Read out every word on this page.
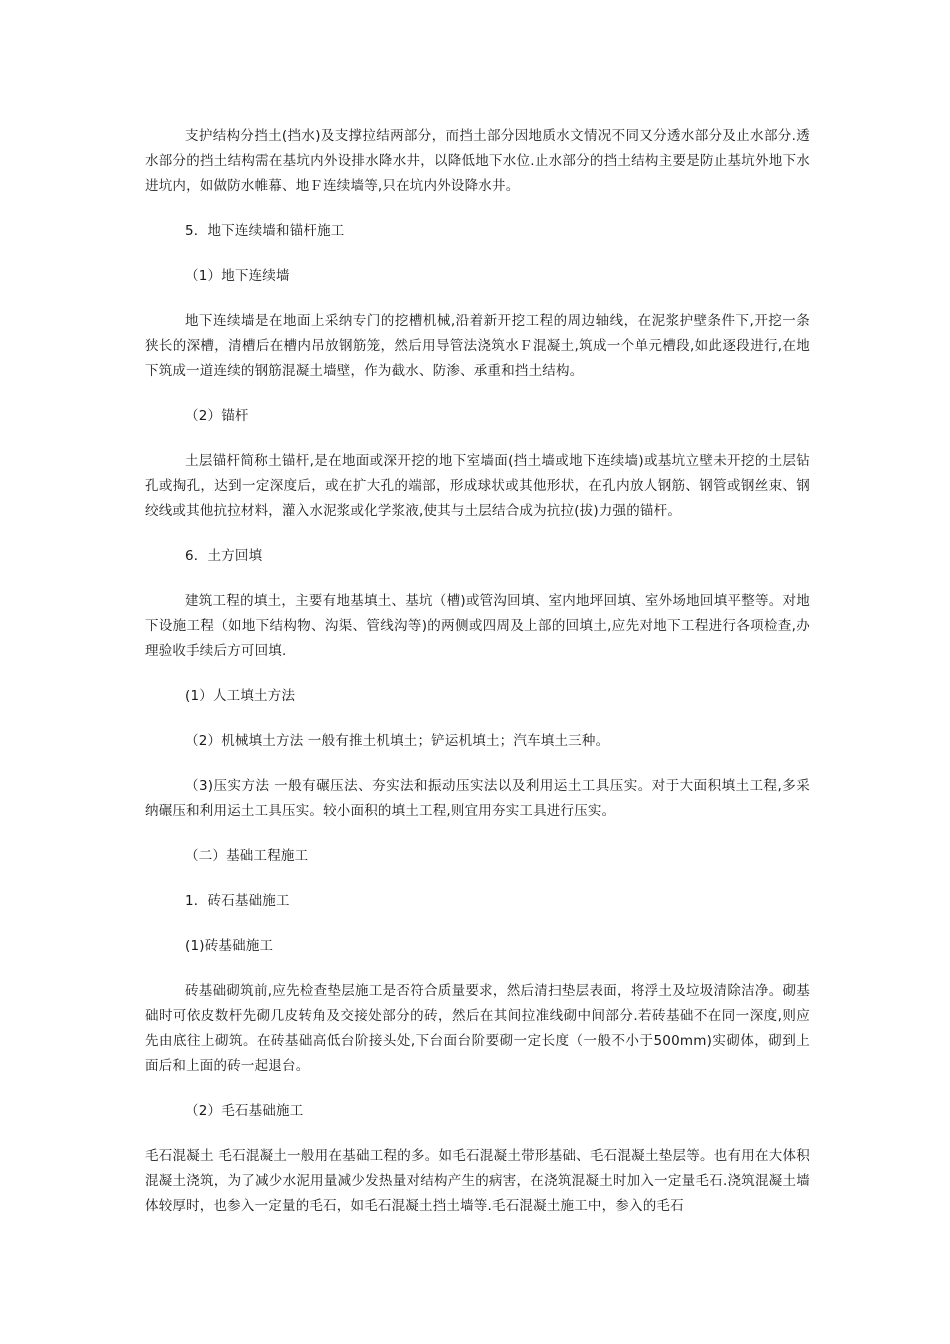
支护结构分挡土(挡水)及支撑拉结两部分，而挡土部分因地质水文情况不同又分透水部分及止水部分.透水部分的挡土结构需在基坑内外设排水降水井，以降低地下水位.止水部分的挡土结构主要是防止基坑外地下水进坑内，如做防水帷幕、地Ｆ连续墙等,只在坑内外设降水井。

5．地下连续墙和锚杆施工

（1）地下连续墙

地下连续墙是在地面上采纳专门的挖槽机械,沿着新开挖工程的周边轴线，在泥浆护壁条件下,开挖一条狭长的深槽，清槽后在槽内吊放钢筋笼，然后用导管法浇筑水Ｆ混凝土,筑成一个单元槽段,如此逐段进行,在地下筑成一道连续的钢筋混凝土墙壁，作为截水、防渗、承重和挡土结构。

（2）锚杆

土层锚杆简称土锚杆,是在地面或深开挖的地下室墙面(挡土墙或地下连续墙)或基坑立壁未开挖的土层钻孔或掏孔，达到一定深度后，或在扩大孔的端部，形成球状或其他形状，在孔内放人钢筋、钢管或钢丝束、钢绞线或其他抗拉材料，灌入水泥浆或化学浆液,使其与土层结合成为抗拉(拔)力强的锚杆。

6．土方回填

建筑工程的填土，主要有地基填土、基坑（槽)或管沟回填、室内地坪回填、室外场地回填平整等。对地下设施工程（如地下结构物、沟渠、管线沟等)的两侧或四周及上部的回填土,应先对地下工程进行各项检查,办理验收手续后方可回填.

(1）人工填土方法

（2）机械填土方法 一般有推土机填土；铲运机填土；汽车填土三种。

（3)压实方法 一般有碾压法、夯实法和振动压实法以及利用运土工具压实。对于大面积填土工程,多采纳碾压和利用运土工具压实。较小面积的填土工程,则宜用夯实工具进行压实。

（二）基础工程施工

1．砖石基础施工

(1)砖基础施工

砖基础砌筑前,应先检查垫层施工是否符合质量要求，然后清扫垫层表面，将浮土及垃圾清除洁净。砌基础时可依皮数杆先砌几皮转角及交接处部分的砖，然后在其间拉准线砌中间部分.若砖基础不在同一深度,则应先由底往上砌筑。在砖基础高低台阶接头处,下台面台阶要砌一定长度（一般不小于500mm)实砌体，砌到上面后和上面的砖一起退台。

（2）毛石基础施工

毛石混凝土 毛石混凝土一般用在基础工程的多。如毛石混凝土带形基础、毛石混凝土垫层等。也有用在大体积混凝土浇筑，为了减少水泥用量减少发热量对结构产生的病害，在浇筑混凝土时加入一定量毛石.浇筑混凝土墙体较厚时，也参入一定量的毛石，如毛石混凝土挡土墙等.毛石混凝土施工中，参入的毛石
